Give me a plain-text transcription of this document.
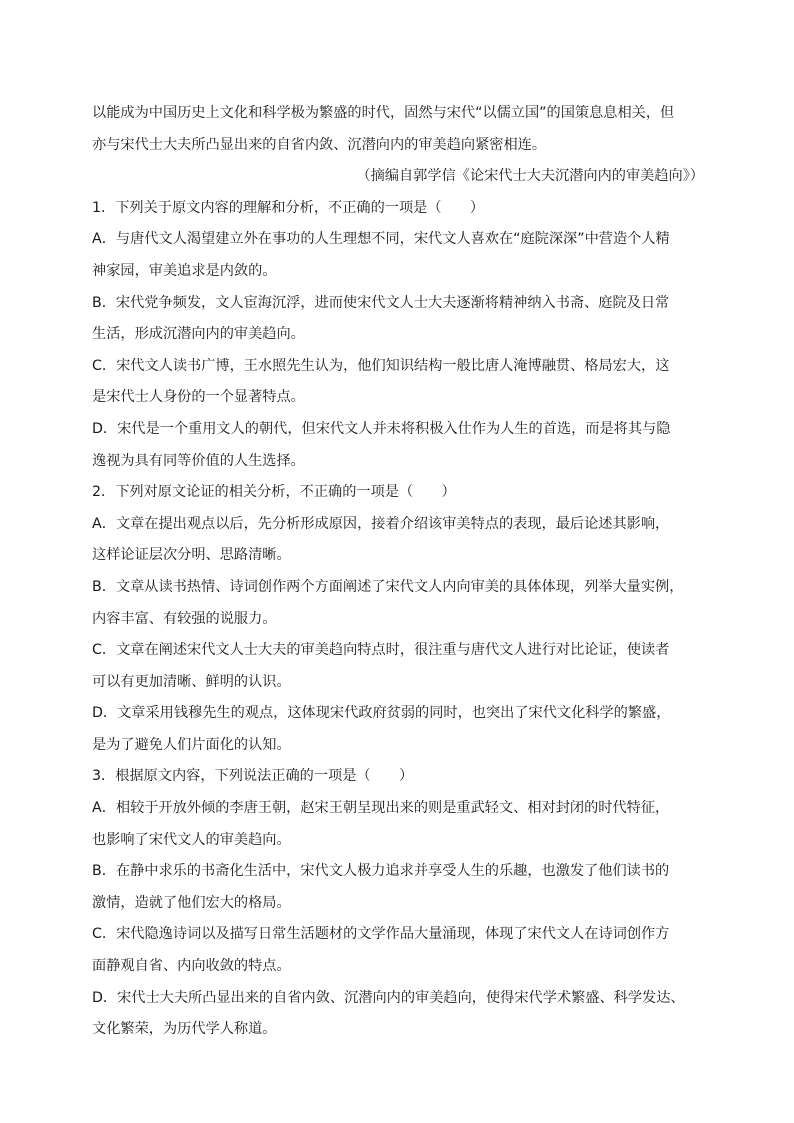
以能成为中国历史上文化和科学极为繁盛的时代，固然与宋代“以儒立国”的国策息息相关，但
亦与宋代士大夫所凸显出来的自省内敛、沉潜向内的审美趋向紧密相连。
（摘编自郭学信《论宋代士大夫沉潜向内的审美趋向》）
1．下列关于原文内容的理解和分析，不正确的一项是（　　）
A．与唐代文人渴望建立外在事功的人生理想不同，宋代文人喜欢在“庭院深深”中营造个人精
神家园，审美追求是内敛的。
B．宋代党争频发，文人宦海沉浮，进而使宋代文人士大夫逐渐将精神纳入书斋、庭院及日常
生活，形成沉潜向内的审美趋向。
C．宋代文人读书广博，王水照先生认为，他们知识结构一般比唐人淹博融贯、格局宏大，这
是宋代士人身份的一个显著特点。
D．宋代是一个重用文人的朝代，但宋代文人并未将积极入仕作为人生的首选，而是将其与隐
逸视为具有同等价值的人生选择。
2．下列对原文论证的相关分析，不正确的一项是（　　）
A．文章在提出观点以后，先分析形成原因，接着介绍该审美特点的表现，最后论述其影响，
这样论证层次分明、思路清晰。
B．文章从读书热情、诗词创作两个方面阐述了宋代文人内向审美的具体体现，列举大量实例，
内容丰富、有较强的说服力。
C．文章在阐述宋代文人士大夫的审美趋向特点时，很注重与唐代文人进行对比论证，使读者
可以有更加清晰、鲜明的认识。
D．文章采用钱穆先生的观点，这体现宋代政府贫弱的同时，也突出了宋代文化科学的繁盛，
是为了避免人们片面化的认知。
3．根据原文内容，下列说法正确的一项是（　　）
A．相较于开放外倾的李唐王朝，赵宋王朝呈现出来的则是重武轻文、相对封闭的时代特征，
也影响了宋代文人的审美趋向。
B．在静中求乐的书斋化生活中，宋代文人极力追求并享受人生的乐趣，也激发了他们读书的
激情，造就了他们宏大的格局。
C．宋代隐逸诗词以及描写日常生活题材的文学作品大量涌现，体现了宋代文人在诗词创作方
面静观自省、内向收敛的特点。
D．宋代士大夫所凸显出来的自省内敛、沉潜向内的审美趋向，使得宋代学术繁盛、科学发达、
文化繁荣，为历代学人称道。
